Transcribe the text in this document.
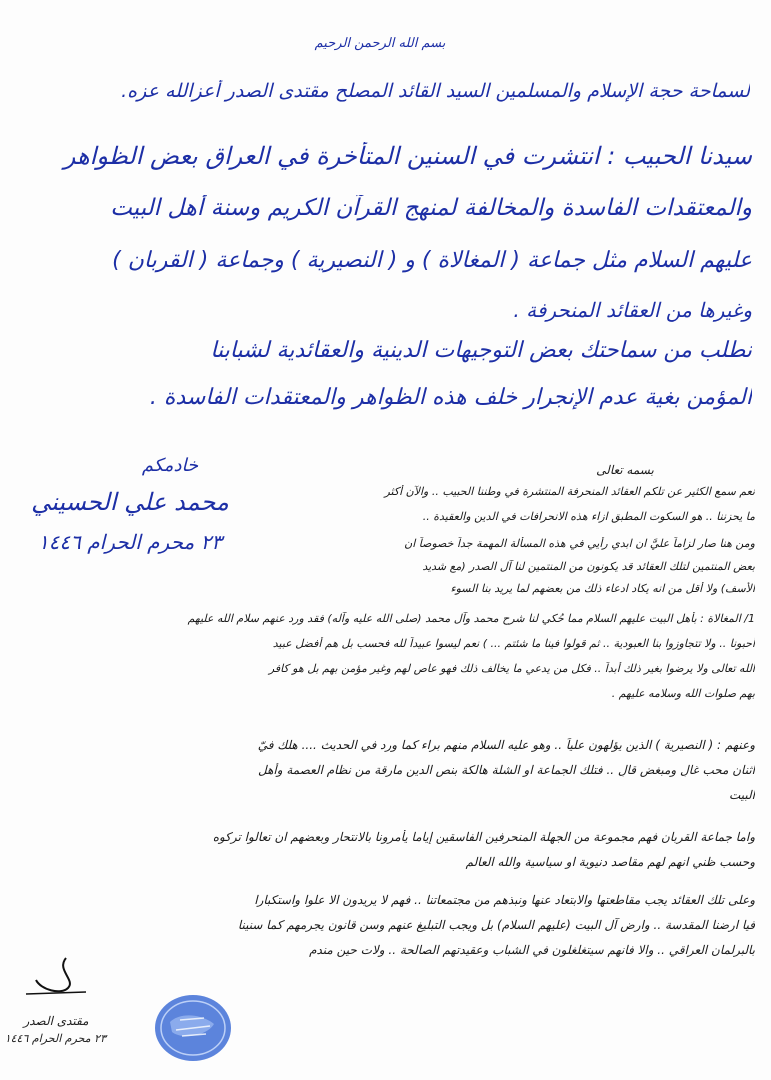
بسم الله الرحمن الرحيم
لسماحة حجة الإسلام والمسلمين السيد القائد المصلح مقتدى الصدر أعزالله عزه.
سيدنا الحبيب : انتشرت في السنين المتأخرة في العراق بعض الظواهر
والمعتقدات الفاسدة والمخالفة لمنهج القرآن الكريم وسنة أهل البيت
عليهم السلام مثل جماعة ( المغالاة ) و ( النصيرية ) وجماعة ( القربان )
وغيرها من العقائد المنحرفة .
نطلب من سماحتك بعض التوجيهات الدينية والعقائدية لشبابنا
المؤمن بغية عدم الإنجرار خلف هذه الظواهر والمعتقدات الفاسدة .
خادمكم
محمد علي الحسيني
٢٣ محرم الحرام ١٤٤٦
بسمه تعالى
نعم سمع الكثير عن تلكم العقائد المنحرفة المنتشرة في وطننا الحبيب .. والآن أكثر
ما يحزننا .. هو السكوت المطبق ازاء هذه الانحرافات في الدين والعقيدة ..
ومن هنا صار لزاماً عليَّ ان ابدي رأيي في هذه المسألة المهمة جداً خصوصاً ان
بعض المنتمين لتلك العقائد قد يكونون من المنتمين لنا آل الصدر (مع شديد
الأسف) ولا أقل من انه يكاد ادعاء ذلك من بعضهم لما يريد بنا السوء
1/ المغالاة : بأهل البيت عليهم السلام مما حُكي لنا شرح محمد وآل محمد (صلى الله عليه وآله) فقد ورد عنهم سلام الله عليهم
أحبونا .. ولا تتجاوزوا بنا العبودية .. ثم قولوا فينا ما شئتم ... ) نعم ليسوا عبيداً لله فحسب بل هم أفضل عبيد
الله تعالى ولا يرضوا بغير ذلك أبداً .. فكل من يدعي ما يخالف ذلك فهو عاصٍ لهم وغير مؤمن بهم بل هو كافر
بهم صلوات الله وسلامه عليهم .
وعنهم : ( النصيرية ) الذين يؤلهون علياً .. وهو عليه السلام منهم براء كما ورد في الحديث .... هلك فيّ
اثنان محب غالٍ ومبغض قالٍ .. فتلك الجماعة او الشلة هالكة بنص الدين مارقة من نظام العصمة وأهل
البيت
واما جماعة القربان فهم مجموعة من الجهلة المنحرفين الفاسقين إياما يأمرونا بالانتحار وبعضهم ان تعالوا تركوه
وحسب ظني انهم لهم مقاصد دنيوية او سياسية والله العالم
وعلى تلك العقائد يجب مقاطعتها والابتعاد عنها ونبذهم من مجتمعاتنا .. فهم لا يريدون الا علوا واستكبارا
فيا ارضنا المقدسة .. وارض آل البيت (عليهم السلام) بل ويجب التبليغ عنهم وسن قانون يجرمهم كما سنينا
بالبرلمان العراقي .. والا فانهم سيتغلغلون في الشباب وعقيدتهم الصالحة .. ولات حين مندم
مقتدى الصدر
٢٣ محرم الحرام ١٤٤٦
